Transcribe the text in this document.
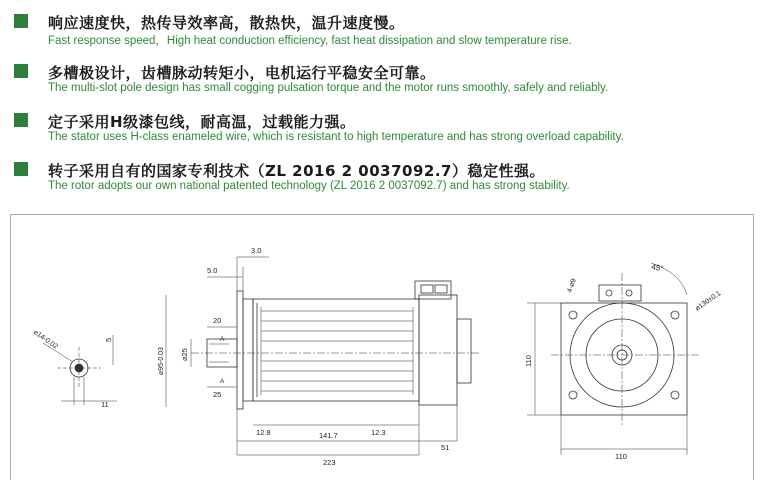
响应速度快，热传导效率高，散热快，温升速度慢。
Fast response speed，High heat conduction efficiency, fast heat dissipation and slow temperature rise.
多槽极设计，齿槽脉动转矩小，电机运行平稳安全可靠。
The multi-slot pole design has small cogging pulsation torque and the motor runs smoothly, safely and reliably.
定子采用H级漆包线，耐高温，过载能力强。
The stator uses H-class enameled wire, which is resistant to high temperature and has strong overload capability.
转子采用自有的国家专利技术（ZL 2016 2 0037092.7）稳定性强。
The rotor adopts our own national patented technology (ZL 2016 2 0037092.7) and has strong stability.
⌀14-0.02	5
11
3.0
5.0
20
A
A
25
⌀25
⌀95-0.03
12.8	141.7	12.3
51
223
45°
4-⌀9
⌀130±0.1
110
110
